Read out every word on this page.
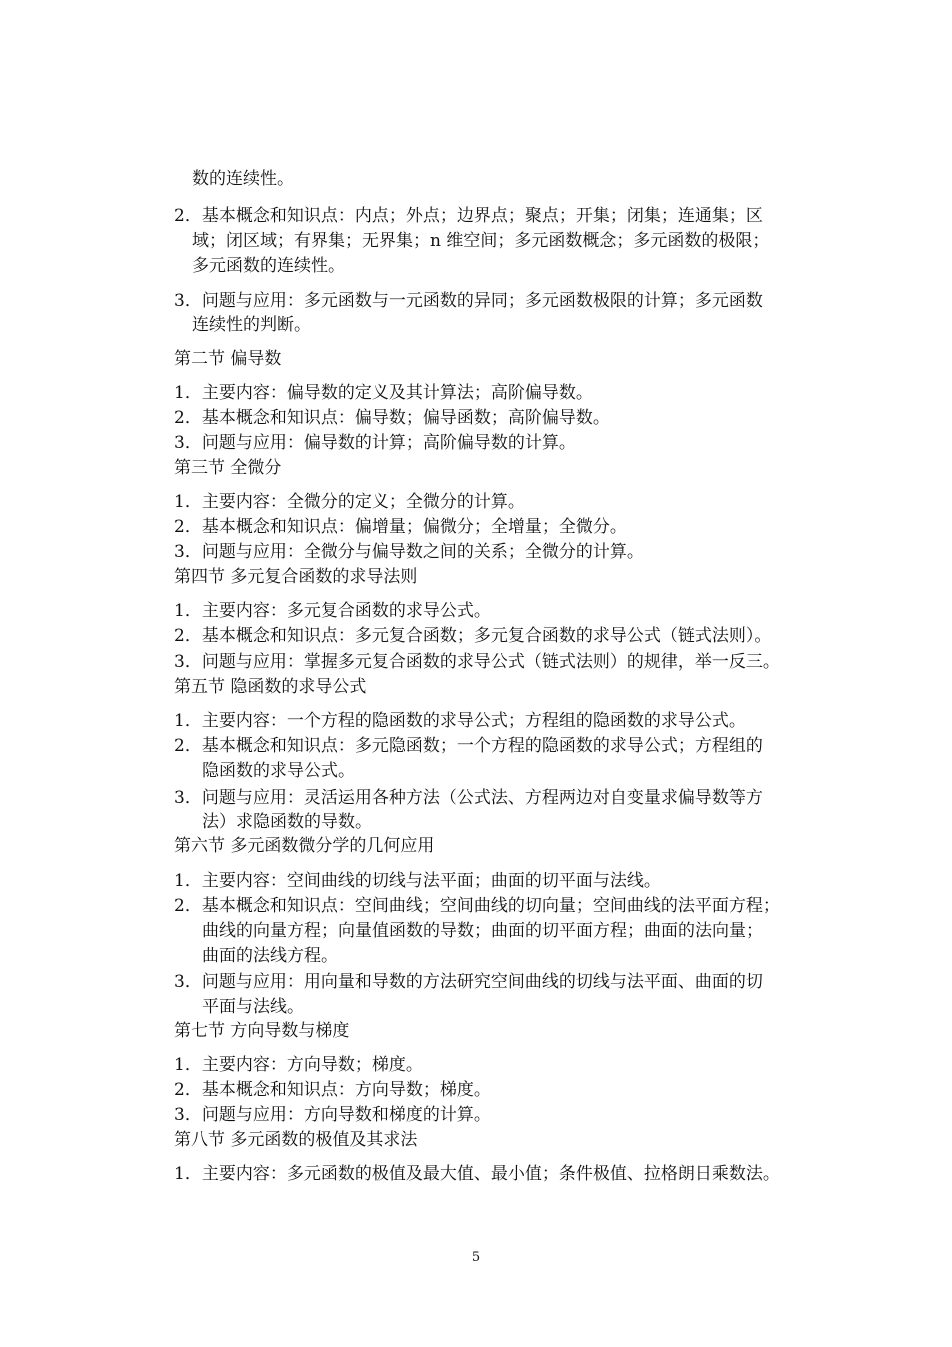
数的连续性。
2．基本概念和知识点：内点；外点；边界点；聚点；开集；闭集；连通集；区
域；闭区域；有界集；无界集；n 维空间；多元函数概念；多元函数的极限；
多元函数的连续性。
3．问题与应用：多元函数与一元函数的异同；多元函数极限的计算；多元函数
连续性的判断。
第二节 偏导数
1．主要内容：偏导数的定义及其计算法；高阶偏导数。
2．基本概念和知识点：偏导数；偏导函数；高阶偏导数。
3．问题与应用：偏导数的计算；高阶偏导数的计算。
第三节 全微分
1．主要内容：全微分的定义；全微分的计算。
2．基本概念和知识点：偏增量；偏微分；全增量；全微分。
3．问题与应用：全微分与偏导数之间的关系；全微分的计算。
第四节 多元复合函数的求导法则
1．主要内容：多元复合函数的求导公式。
2．基本概念和知识点：多元复合函数；多元复合函数的求导公式（链式法则）。
3．问题与应用：掌握多元复合函数的求导公式（链式法则）的规律，举一反三。
第五节 隐函数的求导公式
1．主要内容：一个方程的隐函数的求导公式；方程组的隐函数的求导公式。
2．基本概念和知识点：多元隐函数；一个方程的隐函数的求导公式；方程组的
隐函数的求导公式。
3．问题与应用：灵活运用各种方法（公式法、方程两边对自变量求偏导数等方
法）求隐函数的导数。
第六节 多元函数微分学的几何应用
1．主要内容：空间曲线的切线与法平面；曲面的切平面与法线。
2．基本概念和知识点：空间曲线；空间曲线的切向量；空间曲线的法平面方程；
曲线的向量方程；向量值函数的导数；曲面的切平面方程；曲面的法向量；
曲面的法线方程。
3．问题与应用：用向量和导数的方法研究空间曲线的切线与法平面、曲面的切
平面与法线。
第七节 方向导数与梯度
1．主要内容：方向导数；梯度。
2．基本概念和知识点：方向导数；梯度。
3．问题与应用：方向导数和梯度的计算。
第八节 多元函数的极值及其求法
1．主要内容：多元函数的极值及最大值、最小值；条件极值、拉格朗日乘数法。
5
